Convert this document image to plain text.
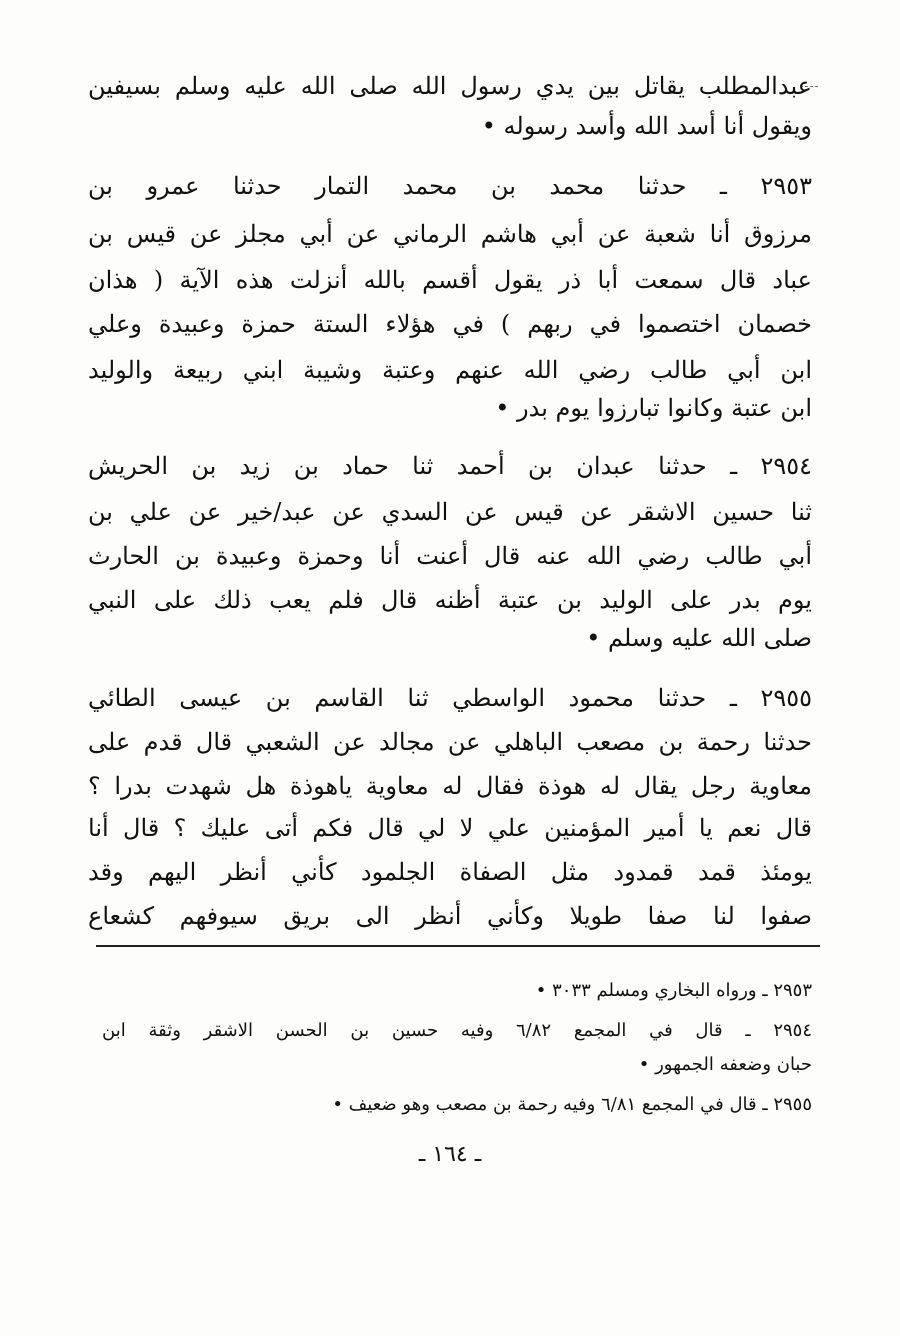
عبدالمطلب يقاتل بين يدي رسول الله صلى الله عليه وسلم بسيفين
ويقول أنا أسد الله وأسد رسوله •
٢٩٥٣ ـ حدثنا محمد بن محمد التمار حدثنا عمرو بن
مرزوق أنا شعبة عن أبي هاشم الرماني عن أبي مجلز عن قيس بن
عباد قال سمعت أبا ذر يقول أقسم بالله أنزلت هذه الآية ( هذان
خصمان اختصموا في ربهم ) في هؤلاء الستة حمزة وعبيدة وعلي
ابن أبي طالب رضي الله عنهم وعتبة وشيبة ابني ربيعة والوليد
ابن عتبة وكانوا تبارزوا يوم بدر •
٢٩٥٤ ـ حدثنا عبدان بن أحمد ثنا حماد بن زيد بن الحريش
ثنا حسين الاشقر عن قيس عن السدي عن عبد/خير عن علي بن
أبي طالب رضي الله عنه قال أعنت أنا وحمزة وعبيدة بن الحارث
يوم بدر على الوليد بن عتبة أظنه قال فلم يعب ذلك على النبي
صلى الله عليه وسلم •
٢٩٥٥ ـ حدثنا محمود الواسطي ثنا القاسم بن عيسى الطائي
حدثنا رحمة بن مصعب الباهلي عن مجالد عن الشعبي قال قدم على
معاوية رجل يقال له هوذة فقال له معاوية ياهوذة هل شهدت بدرا ؟
قال نعم يا أمير المؤمنين علي لا لي قال فكم أتى عليك ؟ قال أنا
يومئذ قمد قمدود مثل الصفاة الجلمود كأني أنظر اليهم وقد
صفوا لنا صفا طويلا وكأني أنظر الى بريق سيوفهم كشعاع
٢٩٥٣ ـ ورواه البخاري ومسلم ٣٠٣٣ •
٢٩٥٤ ـ قال في المجمع ٦/٨٢ وفيه حسين بن الحسن الاشقر وثقة ابن
حبان وضعفه الجمهور •
٢٩٥٥ ـ قال في المجمع ٦/٨١ وفيه رحمة بن مصعب وهو ضعيف •
ـ ١٦٤ ـ
